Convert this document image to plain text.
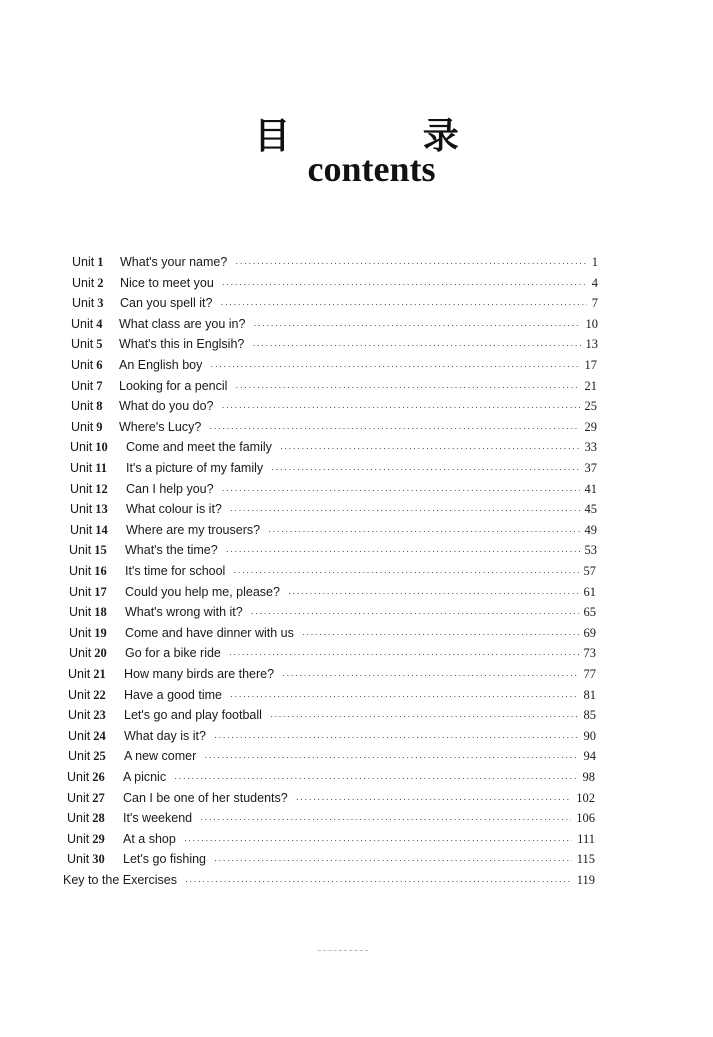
目 录
contents
Unit 1	What's your name? ·····	1
Unit 2	Nice to meet you ·····	4
Unit 3	Can you spell it? ·····	7
Unit 4	What class are you in? ·····	10
Unit 5	What's this in Englsih? ·····	13
Unit 6	An English boy ·····	17
Unit 7	Looking for a pencil ·····	21
Unit 8	What do you do? ·····	25
Unit 9	Where's Lucy? ·····	29
Unit 10	Come and meet the family ·····	33
Unit 11	It's a picture of my family ·····	37
Unit 12	Can I help you? ·····	41
Unit 13	What colour is it? ·····	45
Unit 14	Where are my trousers? ·····	49
Unit 15	What's the time? ·····	53
Unit 16	It's time for school ·····	57
Unit 17	Could you help me, please? ·····	61
Unit 18	What's wrong with it? ·····	65
Unit 19	Come and have dinner with us ·····	69
Unit 20	Go for a bike ride ·····	73
Unit 21	How many birds are there? ·····	77
Unit 22	Have a good time ·····	81
Unit 23	Let's go and play football ·····	85
Unit 24	What day is it? ·····	90
Unit 25	A new comer ·····	94
Unit 26	A picnic ·····	98
Unit 27	Can I be one of her students? ·····	102
Unit 28	It's weekend ·····	106
Unit 29	At a shop ·····	111
Unit 30	Let's go fishing ·····	115
Key to the Exercises ·····	119
